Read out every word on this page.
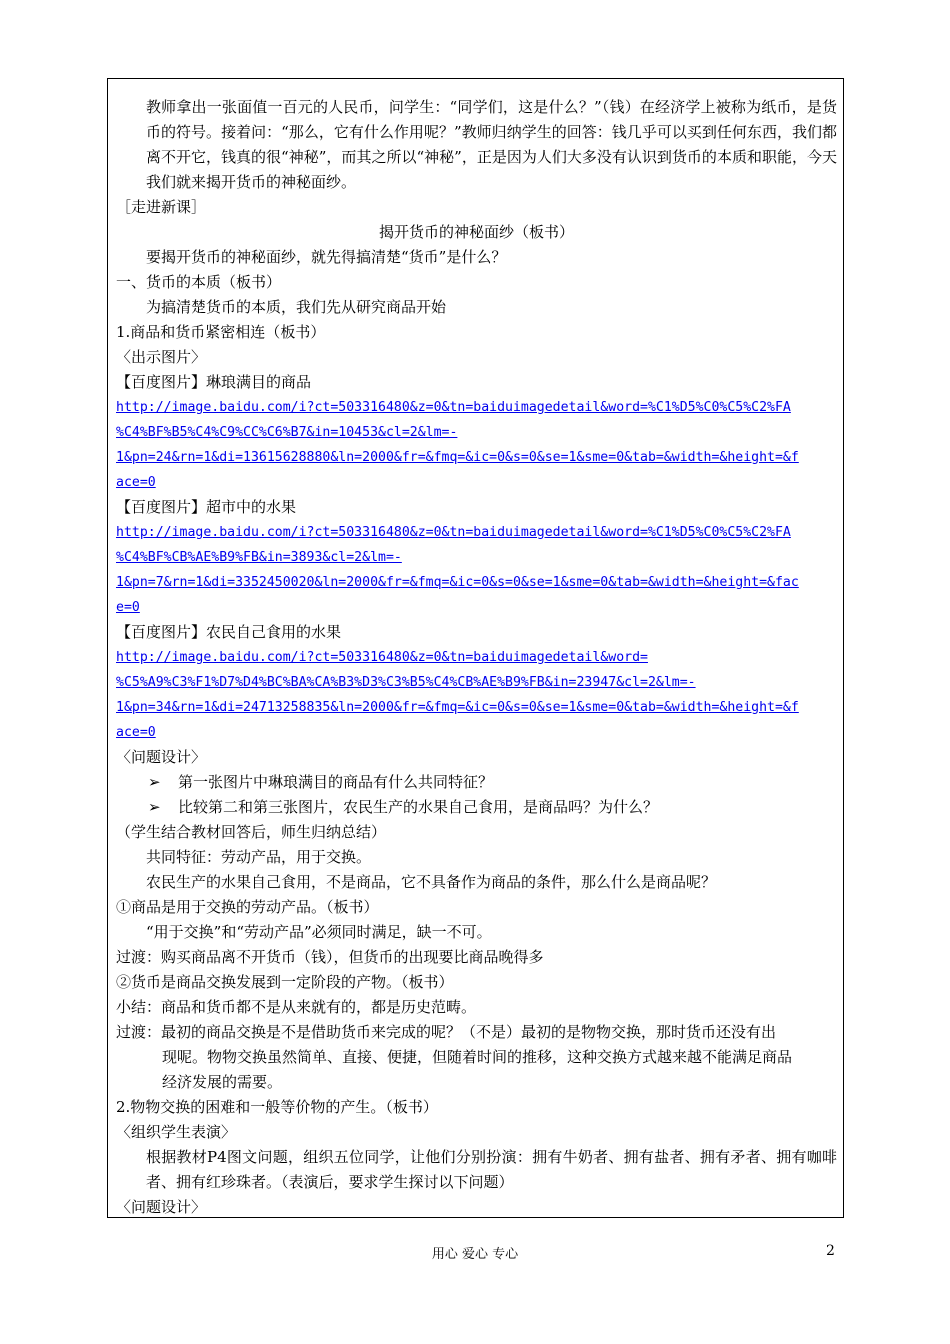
教师拿出一张面值一百元的人民币，问学生：“同学们，这是什么？”（钱）在经济学上被称为纸币，是货币的符号。接着问：“那么，它有什么作用呢？”教师归纳学生的回答：钱几乎可以买到任何东西，我们都离不开它，钱真的很“神秘”，而其之所以“神秘”，正是因为人们大多没有认识到货币的本质和职能，今天我们就来揭开货币的神秘面纱。
［走进新课］
揭开货币的神秘面纱（板书）
要揭开货币的神秘面纱，就先得搞清楚“货币”是什么？
一、货币的本质（板书）
为搞清楚货币的本质，我们先从研究商品开始
1.商品和货币紧密相连（板书）
〈出示图片〉
【百度图片】琳琅满目的商品
http://image.baidu.com/i?ct=503316480&z=0&tn=baiduimagedetail&word=%C1%D5%C0%C5%C2%FA
%C4%BF%B5%C4%C9%CC%C6%B7&in=10453&cl=2&lm=-
1&pn=24&rn=1&di=13615628880&ln=2000&fr=&fmq=&ic=0&s=0&se=1&sme=0&tab=&width=&height=&f
ace=0
【百度图片】超市中的水果
http://image.baidu.com/i?ct=503316480&z=0&tn=baiduimagedetail&word=%C1%D5%C0%C5%C2%FA
%C4%BF%CB%AE%B9%FB&in=3893&cl=2&lm=-
1&pn=7&rn=1&di=3352450020&ln=2000&fr=&fmq=&ic=0&s=0&se=1&sme=0&tab=&width=&height=&fac
e=0
【百度图片】农民自己食用的水果
http://image.baidu.com/i?ct=503316480&z=0&tn=baiduimagedetail&word=
%C5%A9%C3%F1%D7%D4%BC%BA%CA%B3%D3%C3%B5%C4%CB%AE%B9%FB&in=23947&cl=2&lm=-
1&pn=34&rn=1&di=24713258835&ln=2000&fr=&fmq=&ic=0&s=0&se=1&sme=0&tab=&width=&height=&f
ace=0
〈问题设计〉
➢ 第一张图片中琳琅满目的商品有什么共同特征？
➢ 比较第二和第三张图片，农民生产的水果自己食用，是商品吗？为什么？
（学生结合教材回答后，师生归纳总结）
共同特征：劳动产品，用于交换。
农民生产的水果自己食用，不是商品，它不具备作为商品的条件，那么什么是商品呢？
①商品是用于交换的劳动产品。（板书）
“用于交换”和“劳动产品”必须同时满足，缺一不可。
过渡：购买商品离不开货币（钱），但货币的出现要比商品晚得多
②货币是商品交换发展到一定阶段的产物。（板书）
小结：商品和货币都不是从来就有的，都是历史范畴。
过渡：最初的商品交换是不是借助货币来完成的呢？（不是）最初的是物物交换，那时货币还没有出
现呢。物物交换虽然简单、直接、便捷，但随着时间的推移，这种交换方式越来越不能满足商品
经济发展的需要。
2.物物交换的困难和一般等价物的产生。（板书）
〈组织学生表演〉
根据教材P4图文问题，组织五位同学，让他们分别扮演：拥有牛奶者、拥有盐者、拥有矛者、拥有咖啡者、拥有红珍珠者。（表演后，要求学生探讨以下问题）
〈问题设计〉
用心 爱心 专心	2
